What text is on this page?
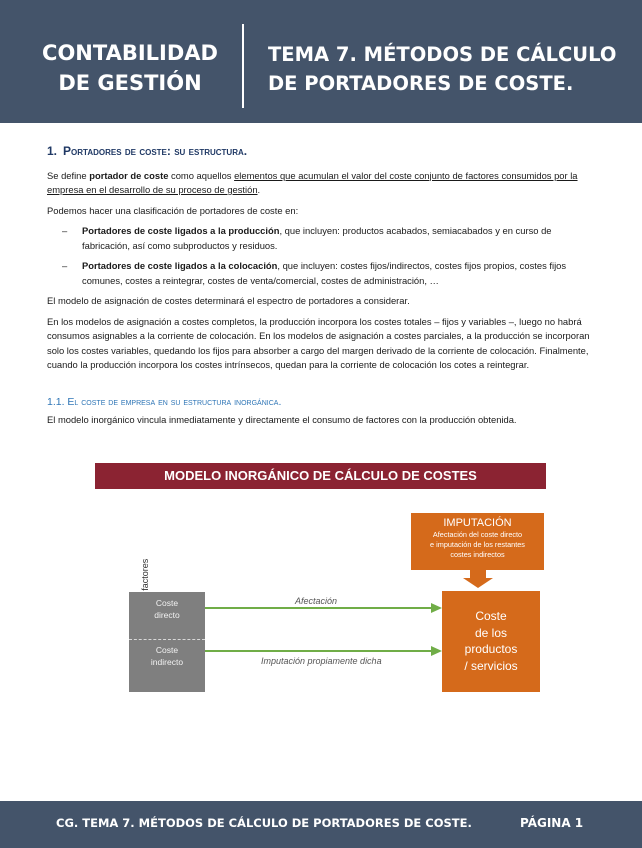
CONTABILIDAD
DE GESTIÓN
TEMA 7. MÉTODOS DE CÁLCULO
DE PORTADORES DE COSTE.
1. Portadores de coste: su estructura.

Se define portador de coste como aquellos elementos que acumulan el valor del coste conjunto de factores consumidos por la empresa en el desarrollo de su proceso de gestión.

Podemos hacer una clasificación de portadores de coste en:

– Portadores de coste ligados a la producción, que incluyen: productos acabados, semiacabados y en curso de fabricación, así como subproductos y residuos.
– Portadores de coste ligados a la colocación, que incluyen: costes fijos/indirectos, costes fijos propios, costes fijos comunes, costes a reintegrar, costes de venta/comercial, costes de administración, …

El modelo de asignación de costes determinará el espectro de portadores a considerar.

En los modelos de asignación a costes completos, la producción incorpora los costes totales – fijos y variables –, luego no habrá consumos asignables a la corriente de colocación. En los modelos de asignación a costes parciales, a la producción se incorporan solo los costes variables, quedando los fijos para absorber a cargo del margen derivado de la corriente de colocación. Finalmente, cuando la producción incorpora los costes intrínsecos, quedan para la corriente de colocación los cotes a reintegrar.

1.1. El coste de empresa en su estructura inorgánica.

El modelo inorgánico vincula inmediatamente y directamente el consumo de factores con la producción obtenida.

MODELO INORGÁNICO DE CÁLCULO DE COSTES
IMPUTACIÓN
Afectación del coste directo
e imputación de los restantes
costes indirectos
Coste
directo
Coste
indirecto
Afectación
Imputación propiamente dicha
Coste
de los
productos
/ servicios
CG. TEMA 7. MÉTODOS DE CÁLCULO DE PORTADORES DE COSTE.	PÁGINA 1
